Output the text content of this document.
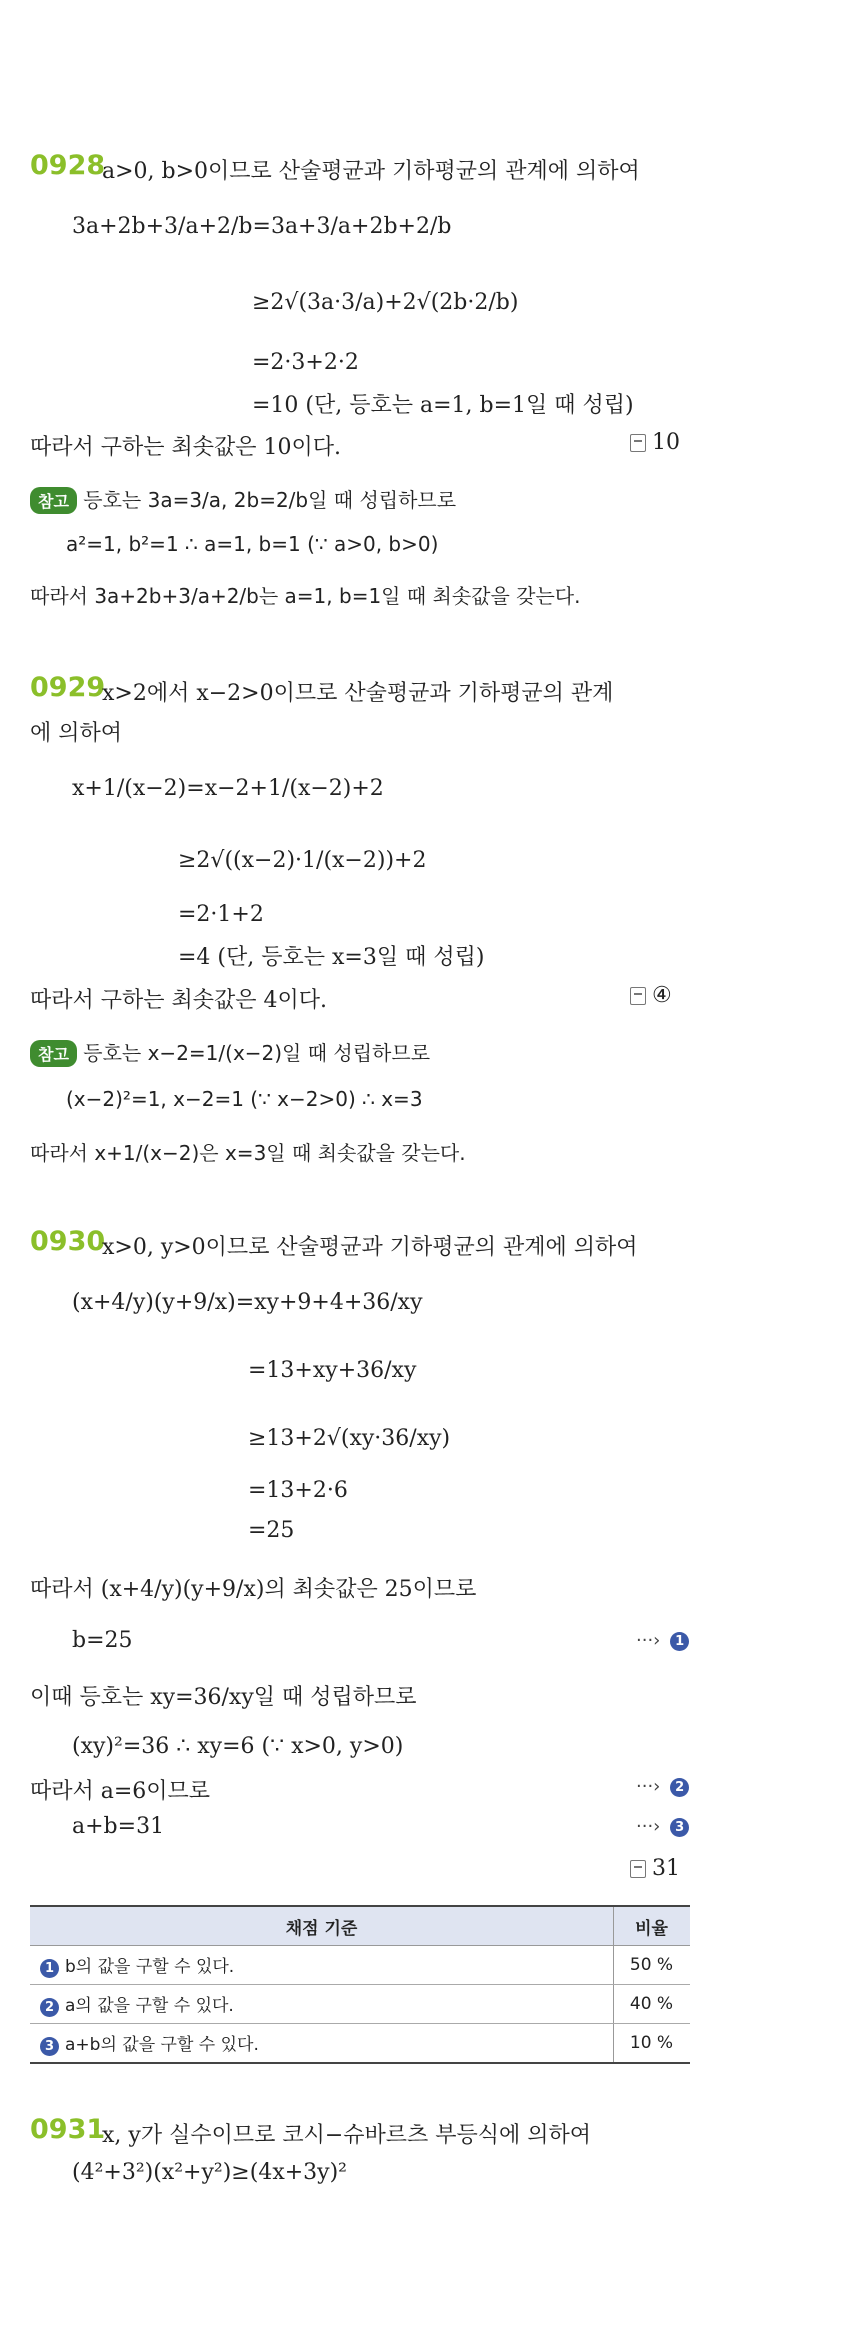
0928
a>0, b>0이므로 산술평균과 기하평균의 관계에 의하여
3a+2b+3/a+2/b=3a+3/a+2b+2/b
≥2√(3a·3/a)+2√(2b·2/b)
=2·3+2·2
=10 (단, 등호는 a=1, b=1일 때 성립)
따라서 구하는 최솟값은 10이다.	10
참고 등호는 3a=3/a, 2b=2/b일 때 성립하므로
a²=1, b²=1 ∴ a=1, b=1 (∵ a>0, b>0)
따라서 3a+2b+3/a+2/b는 a=1, b=1일 때 최솟값을 갖는다.
0929
x>2에서 x−2>0이므로 산술평균과 기하평균의 관계
에 의하여
x+1/(x−2)=x−2+1/(x−2)+2
≥2√((x−2)·1/(x−2))+2
=2·1+2
=4 (단, 등호는 x=3일 때 성립)
따라서 구하는 최솟값은 4이다.	④
참고 등호는 x−2=1/(x−2)일 때 성립하므로
(x−2)²=1, x−2=1 (∵ x−2>0) ∴ x=3
따라서 x+1/(x−2)은 x=3일 때 최솟값을 갖는다.
0930
x>0, y>0이므로 산술평균과 기하평균의 관계에 의하여
(x+4/y)(y+9/x)=xy+9+4+36/xy
=13+xy+36/xy
≥13+2√(xy·36/xy)
=13+2·6
=25
따라서 (x+4/y)(y+9/x)의 최솟값은 25이므로
b=25	···› 1
이때 등호는 xy=36/xy일 때 성립하므로
(xy)²=36 ∴ xy=6 (∵ x>0, y>0)
따라서 a=6이므로	···› 2
a+b=31	···› 3
31
채점 기준	비율
1 b의 값을 구할 수 있다.	50 %
2 a의 값을 구할 수 있다.	40 %
3 a+b의 값을 구할 수 있다.	10 %
0931
x, y가 실수이므로 코시−슈바르츠 부등식에 의하여
(4²+3²)(x²+y²)≥(4x+3y)²
